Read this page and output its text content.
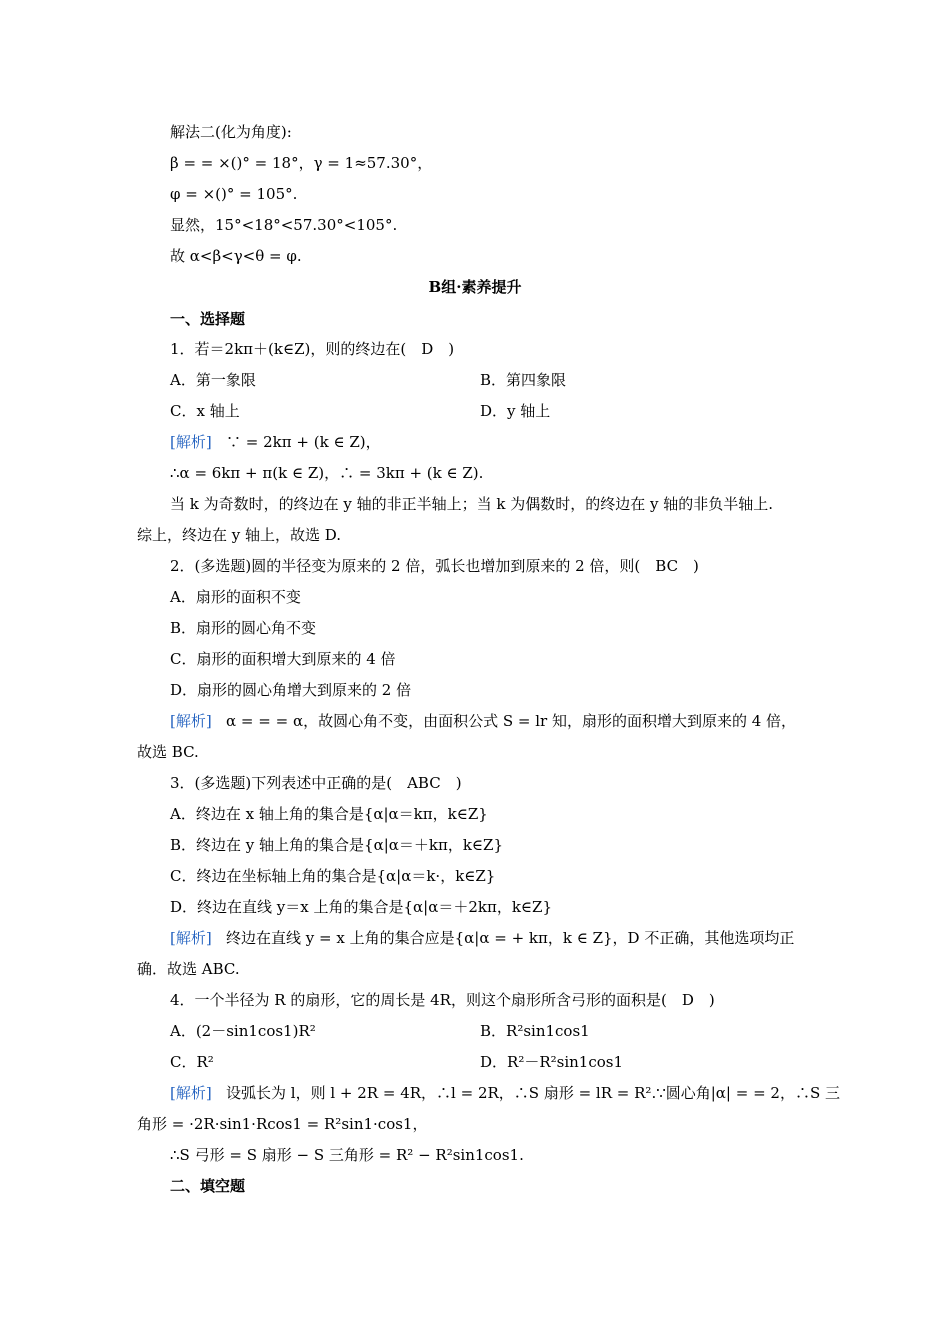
解法二(化为角度):
β = = ×()° = 18°，γ = 1≈57.30°，
φ = ×()° = 105°.
显然，15°<18°<57.30°<105°.
故 α<β<γ<θ = φ.
B组·素养提升
一、选择题
1．若＝2kπ＋(k∈Z)，则的终边在(　D　)
A．第一象限	B．第四象限
C．x 轴上	D．y 轴上
[解析] ∵ = 2kπ + (k ∈ Z)，
∴α = 6kπ + π(k ∈ Z)，∴ = 3kπ + (k ∈ Z).
当 k 为奇数时，的终边在 y 轴的非正半轴上；当 k 为偶数时，的终边在 y 轴的非负半轴上.
综上，终边在 y 轴上，故选 D.
2．(多选题)圆的半径变为原来的 2 倍，弧长也增加到原来的 2 倍，则(　BC　)
A．扇形的面积不变
B．扇形的圆心角不变
C．扇形的面积增大到原来的 4 倍
D．扇形的圆心角增大到原来的 2 倍
[解析] α = = = α，故圆心角不变，由面积公式 S = lr 知，扇形的面积增大到原来的 4 倍，
故选 BC.
3．(多选题)下列表述中正确的是(　ABC　)
A．终边在 x 轴上角的集合是{α|α＝kπ，k∈Z}
B．终边在 y 轴上角的集合是{α|α＝＋kπ，k∈Z}
C．终边在坐标轴上角的集合是{α|α＝k·，k∈Z}
D．终边在直线 y＝x 上角的集合是{α|α＝＋2kπ，k∈Z}
[解析] 终边在直线 y = x 上角的集合应是{α|α = + kπ，k ∈ Z}，D 不正确，其他选项均正
确．故选 ABC.
4．一个半径为 R 的扇形，它的周长是 4R，则这个扇形所含弓形的面积是(　D　)
A．(2－sin1cos1)R²	B．R²sin1cos1
C．R²	D．R²－R²sin1cos1
[解析] 设弧长为 l，则 l + 2R = 4R，∴l = 2R，∴S 扇形 = lR = R².∵圆心角|α| = = 2，∴S 三
角形 = ·2R·sin1·Rcos1 = R²sin1·cos1，
∴S 弓形 = S 扇形 − S 三角形 = R² − R²sin1cos1.
二、填空题
